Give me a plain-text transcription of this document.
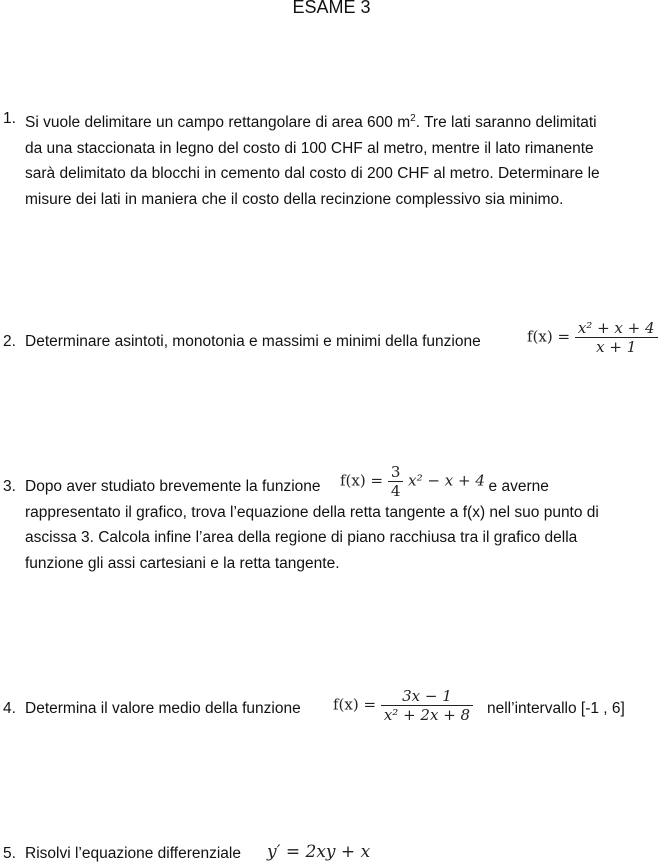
ESAME 3
1. Si vuole delimitare un campo rettangolare di area 600 $m^2$. Tre lati saranno delimitati
da una staccionata in legno del costo di 100 CHF al metro, mentre il lato rimanente
sarà delimitato da blocchi in cemento dal costo di 200 CHF al metro. Determinare le
misure dei lati in maniera che il costo della recinzione complessivo sia minimo.
2. Determinare asintoti, monotonia e massimi e minimi della funzione	$f(x) = \frac{\text{x² + x + 4}}{x + 1}$
3. Dopo aver studiato brevemente la funzione	e averne
rappresentato il grafico, trova l’equazione della retta tangente a f(x) nel suo punto di
ascissa 3. Calcola infine l’area della regione di piano racchiusa tra il grafico della
funzione gli assi cartesiani e la retta tangente.
$f(x) = \frac{3}{4} x^2 - x + 4$
4. Determina il valore medio della funzione	$f(x) = \frac{3x - 1}{\text{x² + 2x + 8}}$ nell’intervallo [-1 , 6]
5. Risolvi l’equazione differenziale	y′ = 2xy + x
